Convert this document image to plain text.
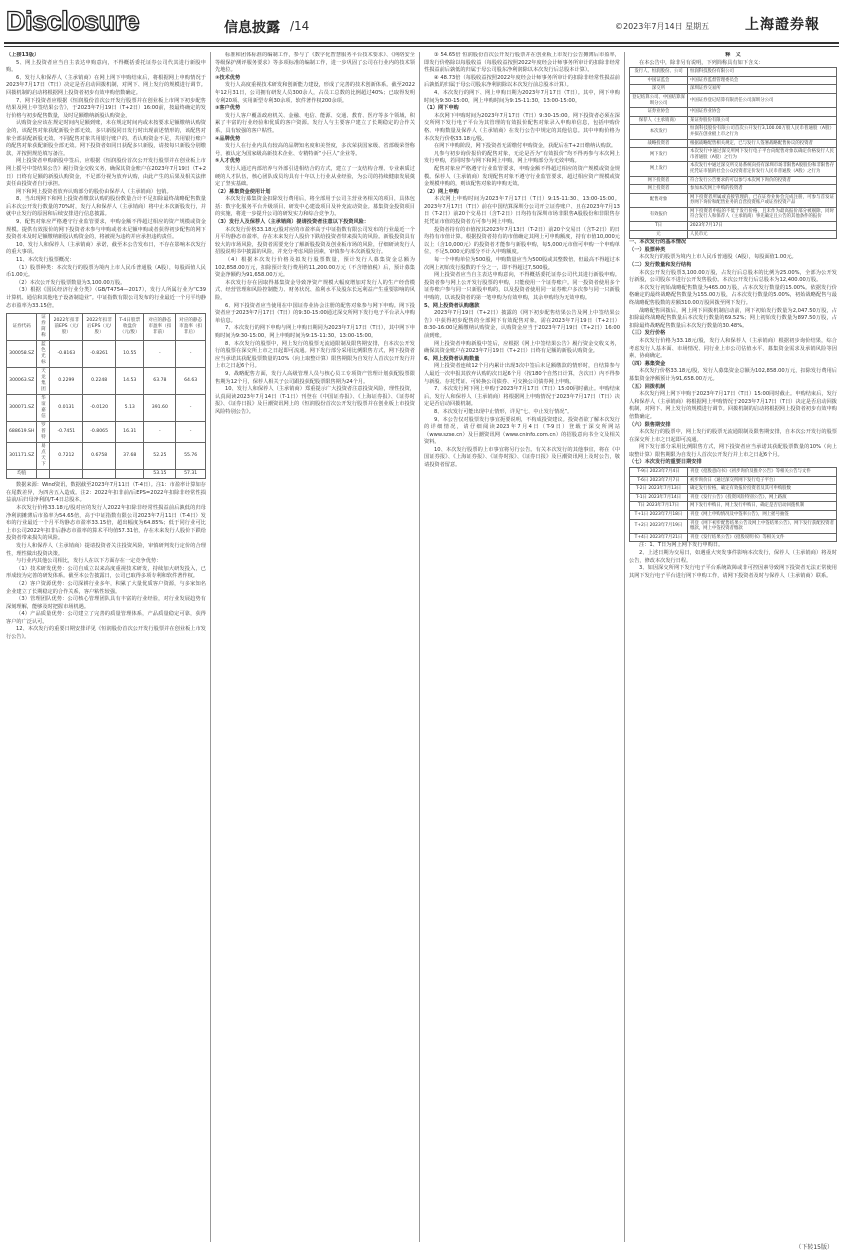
Disclosure	信息披露 /14	©2023年7月14日 星期五	上海證券報

（上接13版）

5、网上投资者应当自主表达申购意向，不得概括委托证券公司代其进行新股申购。

6、发行人和保荐人（主承销商）在网上网下申购结束后，将根据网上申购情况于2023年7月17日（T日）决定是否启动回拨机制，对网下、网上发行的规模进行调节。回拨机制的启动将根据网上投资者初步有效申购倍数确定。

7、网下投资者应根据《恒润股份首次公开发行股票并在创业板上市网下初步配售结果及网上中签结果公告》，于2023年7月19日（T+2日）16:00前，按最终确定的发行价格与初步配售数量，及时足额缴纳新股认购资金。

认购资金应该在规定时间内足额到账，未在规定时间内或未按要求足额缴纳认购资金的，该配售对象获配新股全部无效。多只新股同日发行时出现前述情形的，该配售对象全部获配新股无效。不同配售对象共用银行账户的，若认购资金不足，共用银行账户的配售对象获配新股全部无效。网下投资者如同日获配多只新股，请按每只新股分别缴款，并按照规范填写备注。

网上投资者申购新股中签后，应根据《恒润股份首次公开发行股票并在创业板上市网上摇号中签结果公告》履行资金交收义务，确保其资金账户在2023年7月19日（T+2日）日终有足额的新股认购资金，不足部分视为放弃认购，由此产生的后果及相关法律责任由投资者自行承担。

网下和网上投资者放弃认购部分的股份由保荐人（主承销商）包销。

8、当出现网下和网上投资者缴款认购的股份数量合计不足扣除最终战略配售数量后本次公开发行数量的70%时，发行人和保荐人（主承销商）将中止本次新股发行，并就中止发行的原因和后续安排进行信息披露。

9、配售对象应严格遵守行业监管要求，申购金额不得超过相应的资产规模或资金规模。提供有效报价的网下投资者未参与申购或者未足额申购或者获得初步配售的网下投资者未及时足额缴纳新股认购资金的，将被视为违约并应承担违约责任。

10、发行人和保荐人（主承销商）承诺，截至本公告发布日，不存在影响本次发行的重大事项。

11、本次发行股票概况：

（1）股票种类：本次发行的股票为境内上市人民币普通股（A股），每股面值人民币1.00元。

（2）本次公开发行股票数量为3,100.00万股。

（3）根据《国民经济行业分类》（GB/T4754—2017），发行人所属行业为“C39 计算机、通信和其他电子设备制造业”。中证指数有限公司发布的行业最近一个月平均静态市盈率为33.15倍。

证券代码	证券简称	2022年扣非前EPS（元/股）	2022年扣非后EPS（元/股）	T-4日股票收盘价（元/股）	对应的静态市盈率（扣非前）	对应的静态市盈率（扣非后）
300058.SZ	蓝色光标	-0.8163	-0.8261	10.55	-	-
300063.SZ	天龙集团	0.2299	0.2248	14.53	63.78	64.63
300071.SZ	华谊嘉信	0.0131	-0.0120	5.13	391.60	-
688619.SH	罗普特	-0.7451	-0.8065	16.31	-	-
301171.SZ	易点天下	0.7212	0.6758	37.68	52.25	55.76
均值					53.15	57.31

数据来源：Wind资讯，数据截至2023年7月11日（T-4日）。注1：市盈率计算如存在尾数差异，为四舍五入造成。注2：2022年扣非前/后EPS=2022年扣除非经常性损益前/后归母净利润/T-4日总股本。

本次发行价格33.18元/股对应的发行人2022年扣除非经常性损益前后孰低的归母净利润摊薄后市盈率为54.65倍，高于中证指数有限公司2023年7月11日（T-4日）发布的行业最近一个月平均静态市盈率33.15倍，超出幅度为64.85%；低于同行业可比上市公司2022年扣非后静态市盈率的算术平均值57.31倍，存在未来发行人股价下跌给投资者带来损失的风险。

发行人和保荐人（主承销商）提请投资者关注投资风险，审慎研判发行定价的合理性，理性做出投资决策。

与行业内其他公司相比，发行人在以下方面存在一定竞争优势：

（1）技术研发优势：公司自成立以来高度重视技术研发，持续加大研发投入，已形成较为完善的研发体系。截至本公告披露日，公司已取得多项专利和软件著作权。

（2）客户资源优势：公司深耕行业多年，积累了大量优质客户资源，与多家知名企业建立了长期稳定的合作关系，客户粘性较强。

（3）管理团队优势：公司核心管理团队具有丰富的行业经验，对行业发展趋势有深刻理解，能够及时把握市场机遇。

（4）产品质量优势：公司建立了完善的质量管理体系，产品质量稳定可靠，获得客户的广泛认可。

12、本次发行的重要日期安排详见《恒润股份首次公开发行股票并在创业板上市发行公告》。

标准和团体标准的编制工作，参与了《数字化智慧服务平台技术要求》、《网络安全等级保护测评服务要求》等多项标准的编制工作，进一步巩固了公司在行业内的技术领先地位。

②技术优势

发行人高度重视技术研发和创新能力建设，形成了完善的技术创新体系。截至2022年12月31日，公司拥有研发人员300余人，占员工总数的比例超过40%；已取得发明专利20项、实用新型专利30余项、软件著作权200余项。

③客户优势

发行人客户覆盖政府机关、金融、电信、能源、交通、教育、医疗等多个领域，积累了丰富的行业经验和优质的客户资源。发行人与主要客户建立了长期稳定的合作关系，具有较强的客户粘性。

④品牌优势

发行人在行业内具有较高的品牌知名度和美誉度，多次荣获国家级、省部级荣誉称号，被认定为国家级高新技术企业、专精特新“小巨人”企业等。

⑤人才优势

发行人通过内部培养与外部引进相结合的方式，建立了一支结构合理、专业素质过硬的人才队伍，核心团队成员均具有十年以上行业从业经验，为公司的持续健康发展奠定了坚实基础。

（2）募集资金使用计划

本次发行募集资金扣除发行费用后，将全部用于公司主营业务相关的项目，具体包括：数字化服务平台升级项目、研发中心建设项目及补充流动资金。募集资金投资项目的实施，将进一步提升公司的研发实力和综合竞争力。

（3）发行人及保荐人（主承销商）提请投资者注意以下投资风险：

本次发行价格33.18元/股对应的市盈率高于中证指数有限公司发布的行业最近一个月平均静态市盈率，存在未来发行人股价下跌给投资者带来损失的风险。新股投资具有较大的市场风险，投资者需要充分了解新股投资及创业板市场的风险，仔细研读发行人招股说明书中披露的风险，并充分考虑风险因素，审慎参与本次新股发行。

（4）根据本次发行价格及拟发行股票数量，预计发行人募集资金总额为102,858.00万元，扣除预计发行费用约11,200.00万元（不含增值税）后，预计募集资金净额约为91,658.00万元。

本次发行存在因取得募集资金导致净资产规模大幅度增加对发行人的生产经营模式、经营管理和风险控制能力、财务状况、盈利水平及股东长远利益产生重要影响的风险。

6、网下投资者应当使用在中国证券业协会注册的配售对象参与网下申购。网下投资者应于2023年7月17日（T日）的9:30-15:00通过深交所网下发行电子平台录入申购单信息。

7、本次发行的网下申购与网上申购日期同为2023年7月17日（T日），其中网下申购时间为9:30-15:00，网上申购时间为9:15-11:30，13:00-15:00。

8、本次发行的股票中，网上发行的股票无流通限制及限售期安排，自本次公开发行的股票在深交所上市之日起即可流通。网下发行部分采用比例限售方式，网下投资者应当承诺其获配股票数量的10%（向上取整计算）限售期限为自发行人首次公开发行并上市之日起6个月。

9、战略配售方面，发行人高级管理人员与核心员工专项资产管理计划获配股票限售期为12个月，保荐人相关子公司跟投获配股票限售期为24个月。

10、发行人和保荐人（主承销商）郑重提示广大投资者注意投资风险，理性投资，认真阅读2023年7月14日（T-1日）刊登在《中国证券报》、《上海证券报》、《证券时报》、《证券日报》及巨潮资讯网上的《恒润股份首次公开发行股票并在创业板上市投资风险特别公告》。

③ 54.65倍 恒润股份首次公开发行股票并在创业板上市发行公告摊薄后市盈率，即发行价格除以每股收益（每股收益按照2022年度经会计师事务所审计的扣除非经常性损益前后孰低的归属于母公司股东净利润除以本次发行后总股本计算）。

④ 48.73倍（每股收益按照2022年度经会计师事务所审计的扣除非经常性损益前后孰低的归属于母公司股东净利润除以本次发行前总股本计算）。

4、本次发行的网下、网上申购日期为2023年7月17日（T日）。其中，网下申购时间为9:30-15:00，网上申购时间为9:15-11:30，13:00-15:00。

（1）网下申购

本次网下申购时间为2023年7月17日（T日）9:30-15:00。网下投资者必须在深交所网下发行电子平台为其管理的有效报价配售对象录入申购单信息，包括申购价格、申购数量及保荐人（主承销商）在发行公告中规定的其他信息。其中申购价格为本次发行价格33.18元/股。

在网下申购阶段，网下投资者无需缴付申购资金，获配后在T+2日缴纳认购款。

凡参与初步询价报价的配售对象，无论是否为“有效报价”均不得再参与本次网上发行申购，若同时参与网下和网上申购，网上申购部分为无效申购。

配售对象应严格遵守行业监管要求，申购金额不得超过相应的资产规模或资金规模。保荐人（主承销商）发现配售对象不遵守行业监管要求，超过相应资产规模或资金规模申购的，则该配售对象的申购无效。

（2）网上申购

本次网上申购时间为2023年7月17日（T日）9:15-11:30、13:00-15:00。2023年7月17日（T日）前在中国结算深圳分公司开立证券账户、且在2023年7月13日（T-2日）前20个交易日（含T-2日）日均持有深圳市场非限售A股股份和非限售存托凭证市值的投资者方可参与网上申购。

投资者持有的市值按其2023年7月13日（T-2日）前20个交易日（含T-2日）的日均持有市值计算。根据投资者持有的市值确定其网上可申购额度，持有市值10,000元以上（含10,000元）的投资者才能参与新股申购，每5,000元市值可申购一个申购单位，不足5,000元的部分不计入申购额度。

每一个申购单位为500股，申购数量应当为500股或其整数倍，但最高不得超过本次网上初始发行股数的千分之一，即不得超过7,500股。

网上投资者应当自主表达申购意向，不得概括委托证券公司代其进行新股申购。投资者参与网上公开发行股票的申购，只能使用一个证券账户。同一投资者使用多个证券账户参与同一只新股申购的，以及投资者使用同一证券账户多次参与同一只新股申购的，以该投资者的第一笔申购为有效申购，其余申购均为无效申购。

5、网上投资者认购缴款

2023年7月19日（T+2日）披露的《网下初步配售结果公告及网上中签结果公告》中获得初步配售的全部网下有效配售对象，需在2023年7月19日（T+2日）8:30-16:00足额缴纳认购资金，认购资金应当于2023年7月19日（T+2日）16:00前到账。

网上投资者申购新股中签后，应根据《网上中签结果公告》履行资金交收义务，确保其资金账户在2023年7月19日（T+2日）日终有足额的新股认购资金。

6、网上投资者认购数量

网上投资者连续12个月内累计出现3次中签后未足额缴款的情形时，自结算参与人最近一次申报其放弃认购的次日起6个月（按180个自然日计算，含次日）内不得参与新股、存托凭证、可转换公司债券、可交换公司债券网上申购。

7、本次发行网下网上申购于2023年7月17日（T日）15:00同时截止。申购结束后，发行人和保荐人（主承销商）将根据网上申购情况于2023年7月17日（T日）决定是否启动回拨机制。

8、本次发行可能出现中止情形，详见“七、中止发行情况”。

9、本公告仅对股票发行事宜扼要说明，不构成投资建议。投资者欲了解本次发行的详细情况，请仔细阅读2023年7月4日（T-9日）登载于深交所网站（www.szse.cn）及巨潮资讯网（www.cninfo.com.cn）的招股意向书全文及相关资料。

10、本次发行股票的上市事宜将另行公告。有关本次发行的其他事宜，将在《中国证券报》、《上海证券报》、《证券时报》、《证券日报》及巨潮资讯网上及时公告，敬请投资者留意。

释　义

在本公告中，除非另有说明，下列简称具有如下含义：

发行人、恒润股份、公司	恒润科技股份有限公司
中国证监会	中国证券监督管理委员会
深交所	深圳证券交易所
登记结算公司、中国结算深圳分公司	中国证券登记结算有限责任公司深圳分公司
证券业协会	中国证券业协会
保荐人（主承销商）	某证券股份有限公司
本次发行	恒润科技股份有限公司首次公开发行3,100.00万股人民币普通股（A股）并拟在创业板上市之行为
战略投资者	根据战略配售相关规定，已与发行人签署战略配售协议的投资者
网下发行	本次发行中通过深交所网下发行电子平台向配售对象以确定价格发行人民币普通股（A股）之行为
网上发行	本次发行中通过深交所交易系统向持有深圳市场非限售A股股份和非限售存托凭证市值的社会公众投资者定价发行人民币普通股（A股）之行为
网下投资者	符合发行公告要求的可以参与本次网下询价的投资者
网上投资者	参加本次网上申购的投资者
配售对象	网下投资者所属或直接管理的，已在证券业协会完成注册，可参与首发证券网下询价和配售业务的自营投资账户或证券投资产品
有效报价	网下投资者申报的不低于发行价格，且未作为最高报价部分被剔除，同时符合发行人和保荐人（主承销商）事先确定且公告的其他条件的报价
T日	2023年7月17日
元	人民币元

一、本次发行的基本情况

（一）股票种类

本次发行的股票为境内上市人民币普通股（A股），每股面值1.00元。

（二）发行数量和发行结构

本次公开发行股票3,100.00万股，占发行后总股本的比例为25.00%，全部为公开发行新股，公司股东不进行公开发售股份。本次公开发行后总股本为12,400.00万股。

本次发行初始战略配售数量为465.00万股，占本次发行数量的15.00%。依据发行价格确定的最终战略配售数量为155.00万股，占本次发行数量的5.00%，初始战略配售与最终战略配售股数的差额310.00万股回拨至网下发行。

战略配售回拨后，网上网下回拨机制启动前，网下初始发行数量为2,047.50万股，占扣除最终战略配售数量后本次发行数量的69.52%；网上初始发行数量为897.50万股，占扣除最终战略配售数量后本次发行数量的30.48%。

（三）发行价格

本次发行价格为33.18元/股，发行人和保荐人（主承销商）根据初步询价结果，综合考虑发行人基本面、市场情况、同行业上市公司估值水平、募集资金需求及承销风险等因素，协商确定。

（四）募集资金

本次发行价格33.18元/股，发行人募集资金总额为102,858.00万元，扣除发行费用后募集资金净额预计为91,658.00万元。

（五）回拨机制

本次发行网上网下申购于2023年7月17日（T日）15:00同时截止。申购结束后，发行人和保荐人（主承销商）将根据网上申购情况于2023年7月17日（T日）决定是否启动回拨机制，对网下、网上发行的规模进行调节。回拨机制的启动将根据网上投资者初步有效申购倍数确定。

（六）限售期安排

本次发行的股票中，网上发行的股票无流通限制及限售期安排，自本次公开发行的股票在深交所上市之日起即可流通。

网下发行部分采用比例限售方式，网下投资者应当承诺其获配股票数量的10%（向上取整计算）限售期限为自发行人首次公开发行并上市之日起6个月。

（七）本次发行的重要日期安排

T-9日 2023年7月4日	刊登《招股意向书》《初步询价及推介公告》等相关公告与文件
T-6日 2023年7月7日	初步询价日（通过深交所网下发行电子平台）
T-2日 2023年7月13日	确定发行价格，确定有效报价投资者及其可申购股数
T-1日 2023年7月14日	刊登《发行公告》《投资风险特别公告》，网上路演
T日 2023年7月17日	网下发行申购日，网上发行申购日，确定是否启动回拨机制
T+1日 2023年7月18日	刊登《网上申购情况及中签率公告》，网上摇号抽签
T+2日 2023年7月19日	刊登《网下初步配售结果公告及网上中签结果公告》，网下发行获配投资者缴款，网上中签投资者缴款
T+4日 2023年7月21日	刊登《发行结果公告》《招股说明书》等相关文件

注：1、T日为网上网下发行申购日。

2、上述日期为交易日，如遇重大突发事件影响本次发行，保荐人（主承销商）将及时公告，修改本次发行日程。

3、如因深交所网下发行电子平台系统故障或非可控因素导致网下投资者无法正常使用其网下发行电子平台进行网下申购工作，请网下投资者及时与保荐人（主承销商）联系。

（下转15版）
